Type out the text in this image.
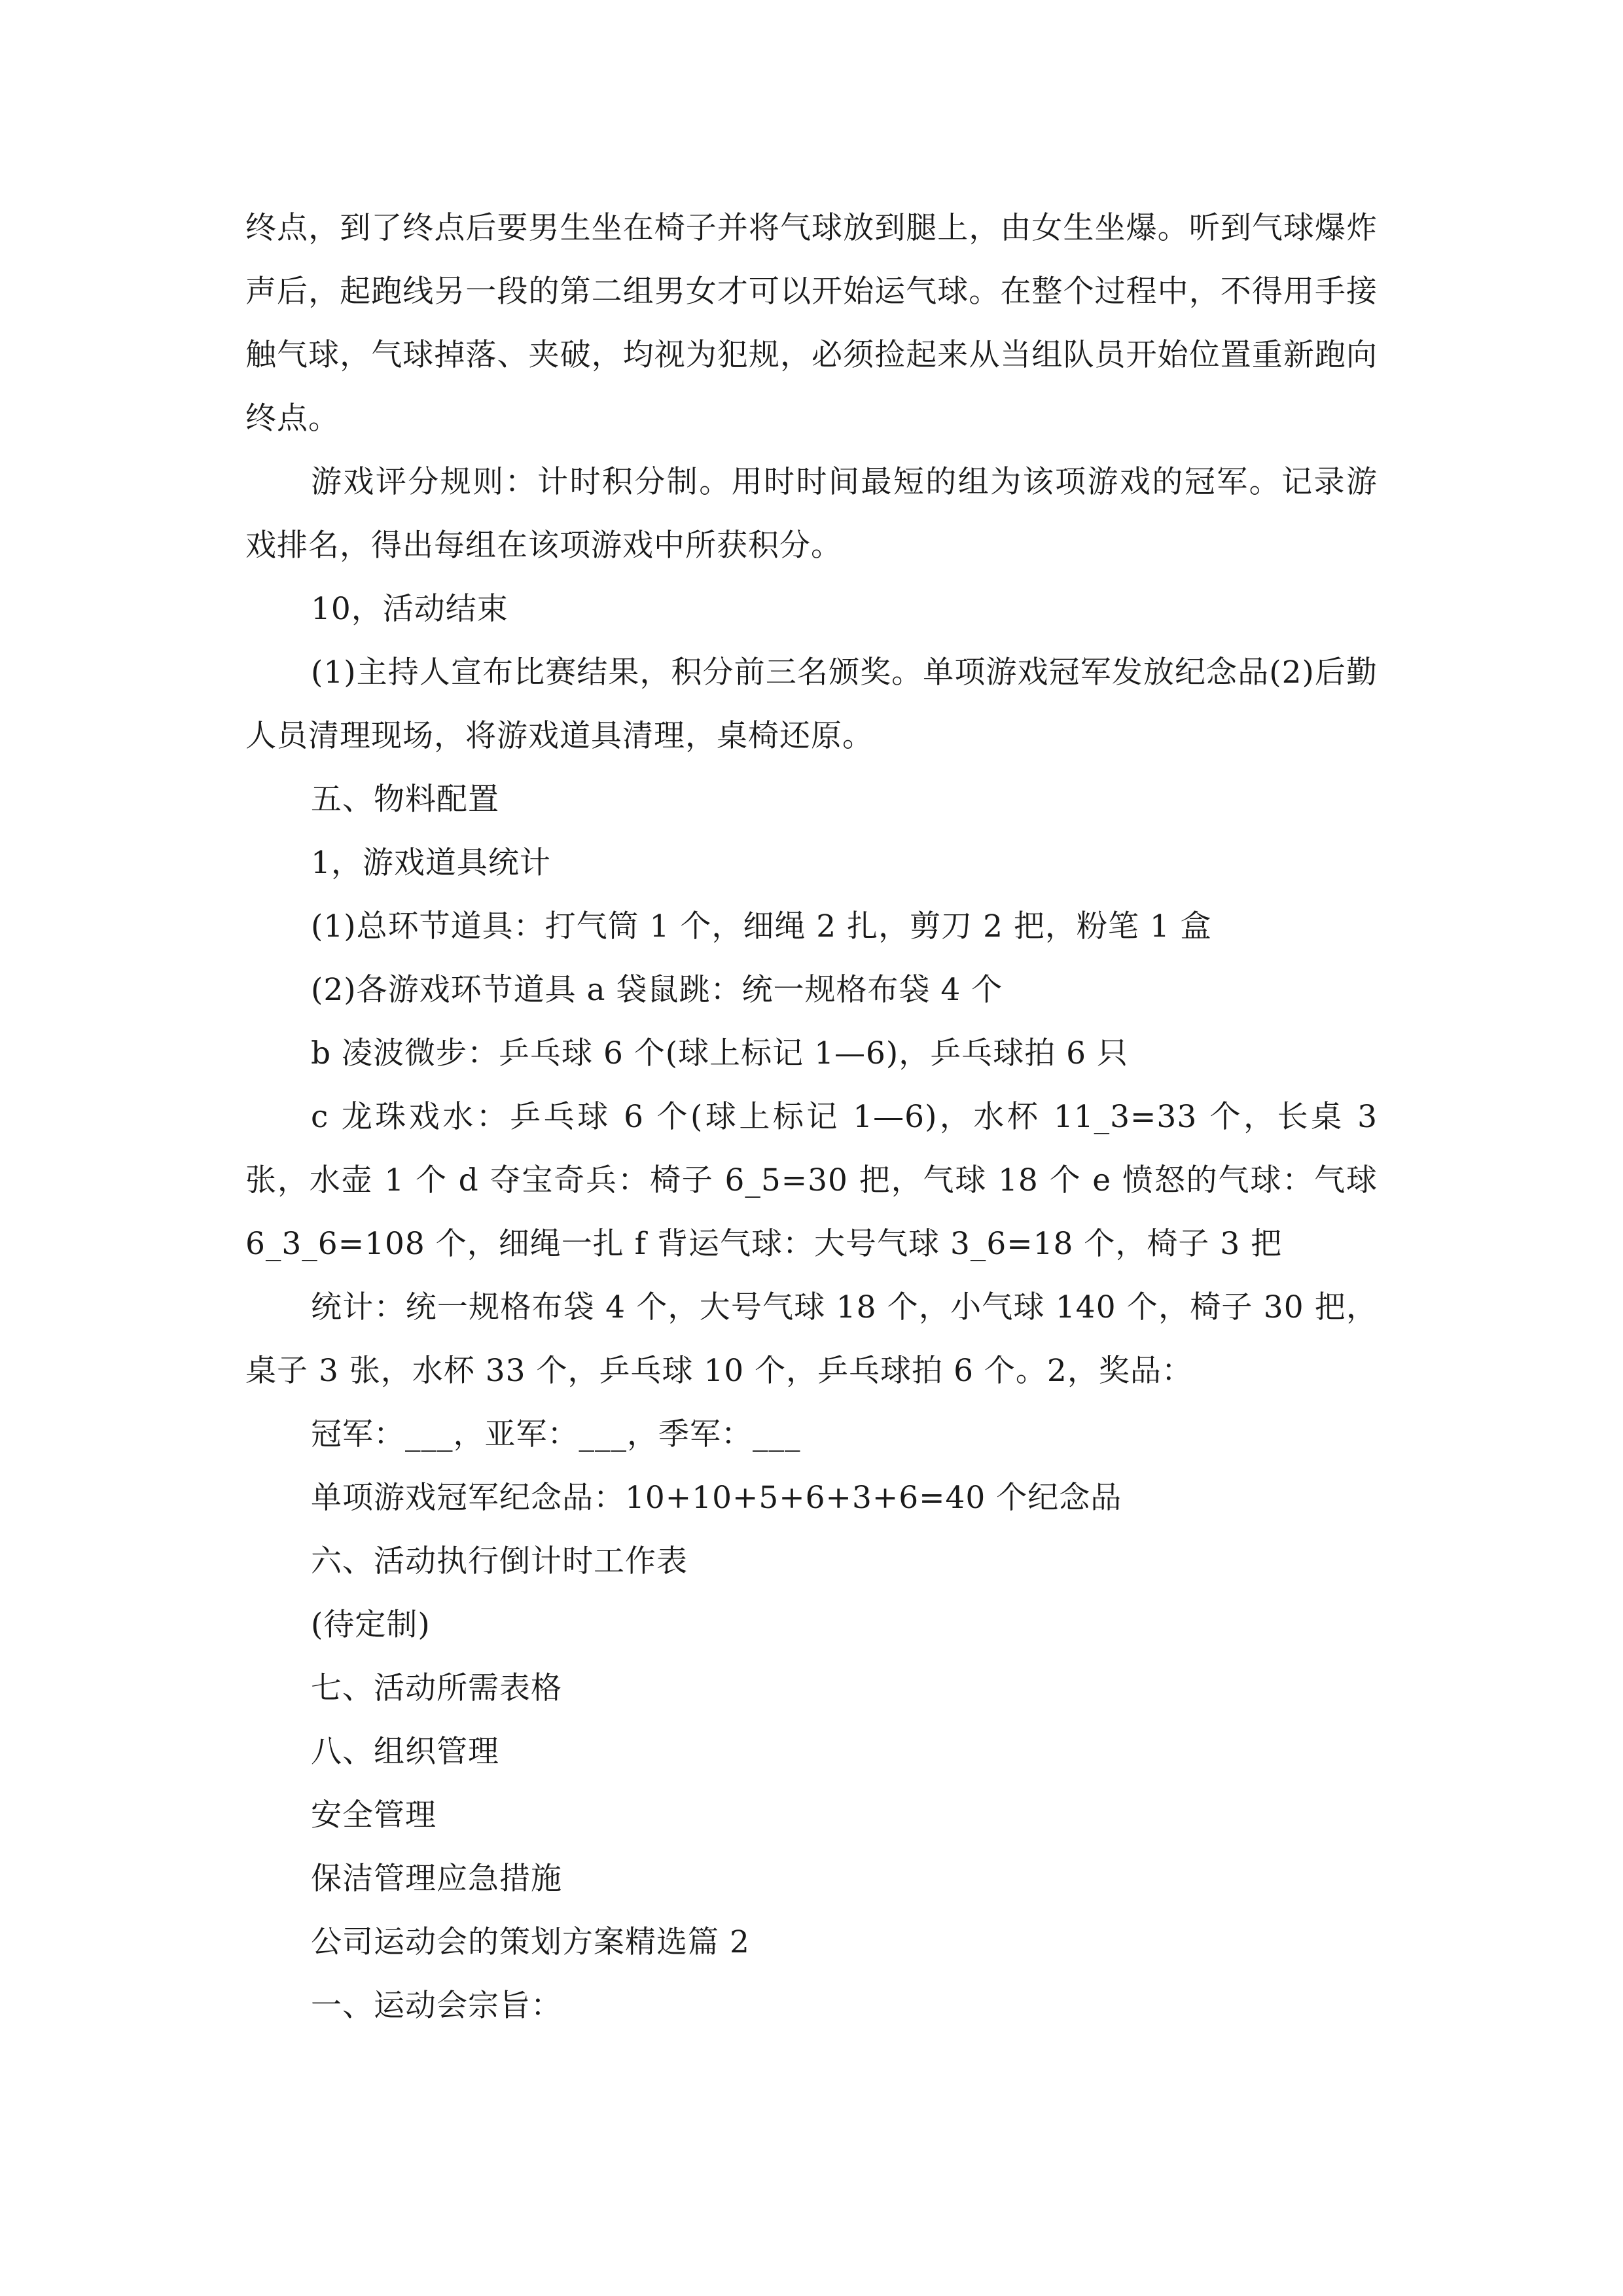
终点，到了终点后要男生坐在椅子并将气球放到腿上，由女生坐爆。听到气球爆炸声后，起跑线另一段的第二组男女才可以开始运气球。在整个过程中，不得用手接触气球，气球掉落、夹破，均视为犯规，必须捡起来从当组队员开始位置重新跑向终点。

游戏评分规则：计时积分制。用时时间最短的组为该项游戏的冠军。记录游戏排名，得出每组在该项游戏中所获积分。

10，活动结束

(1)主持人宣布比赛结果，积分前三名颁奖。单项游戏冠军发放纪念品(2)后勤人员清理现场，将游戏道具清理，桌椅还原。

五、物料配置

1，游戏道具统计

(1)总环节道具：打气筒 1 个，细绳 2 扎，剪刀 2 把，粉笔 1 盒

(2)各游戏环节道具 a 袋鼠跳：统一规格布袋 4 个

b 凌波微步：乒乓球 6 个(球上标记 1—6)，乒乓球拍 6 只

c 龙珠戏水：乒乓球 6 个(球上标记 1—6)，水杯 11_3=33 个，长桌 3 张，水壶 1 个 d 夺宝奇兵：椅子 6_5=30 把，气球 18 个 e 愤怒的气球：气球 6_3_6=108 个，细绳一扎 f 背运气球：大号气球 3_6=18 个，椅子 3 把

统计：统一规格布袋 4 个，大号气球 18 个，小气球 140 个，椅子 30 把，桌子 3 张，水杯 33 个，乒乓球 10 个，乒乓球拍 6 个。2，奖品：

冠军：___，亚军：___，季军：___

单项游戏冠军纪念品：10+10+5+6+3+6=40 个纪念品

六、活动执行倒计时工作表

(待定制)

七、活动所需表格

八、组织管理

安全管理

保洁管理应急措施

公司运动会的策划方案精选篇 2

一、运动会宗旨：
